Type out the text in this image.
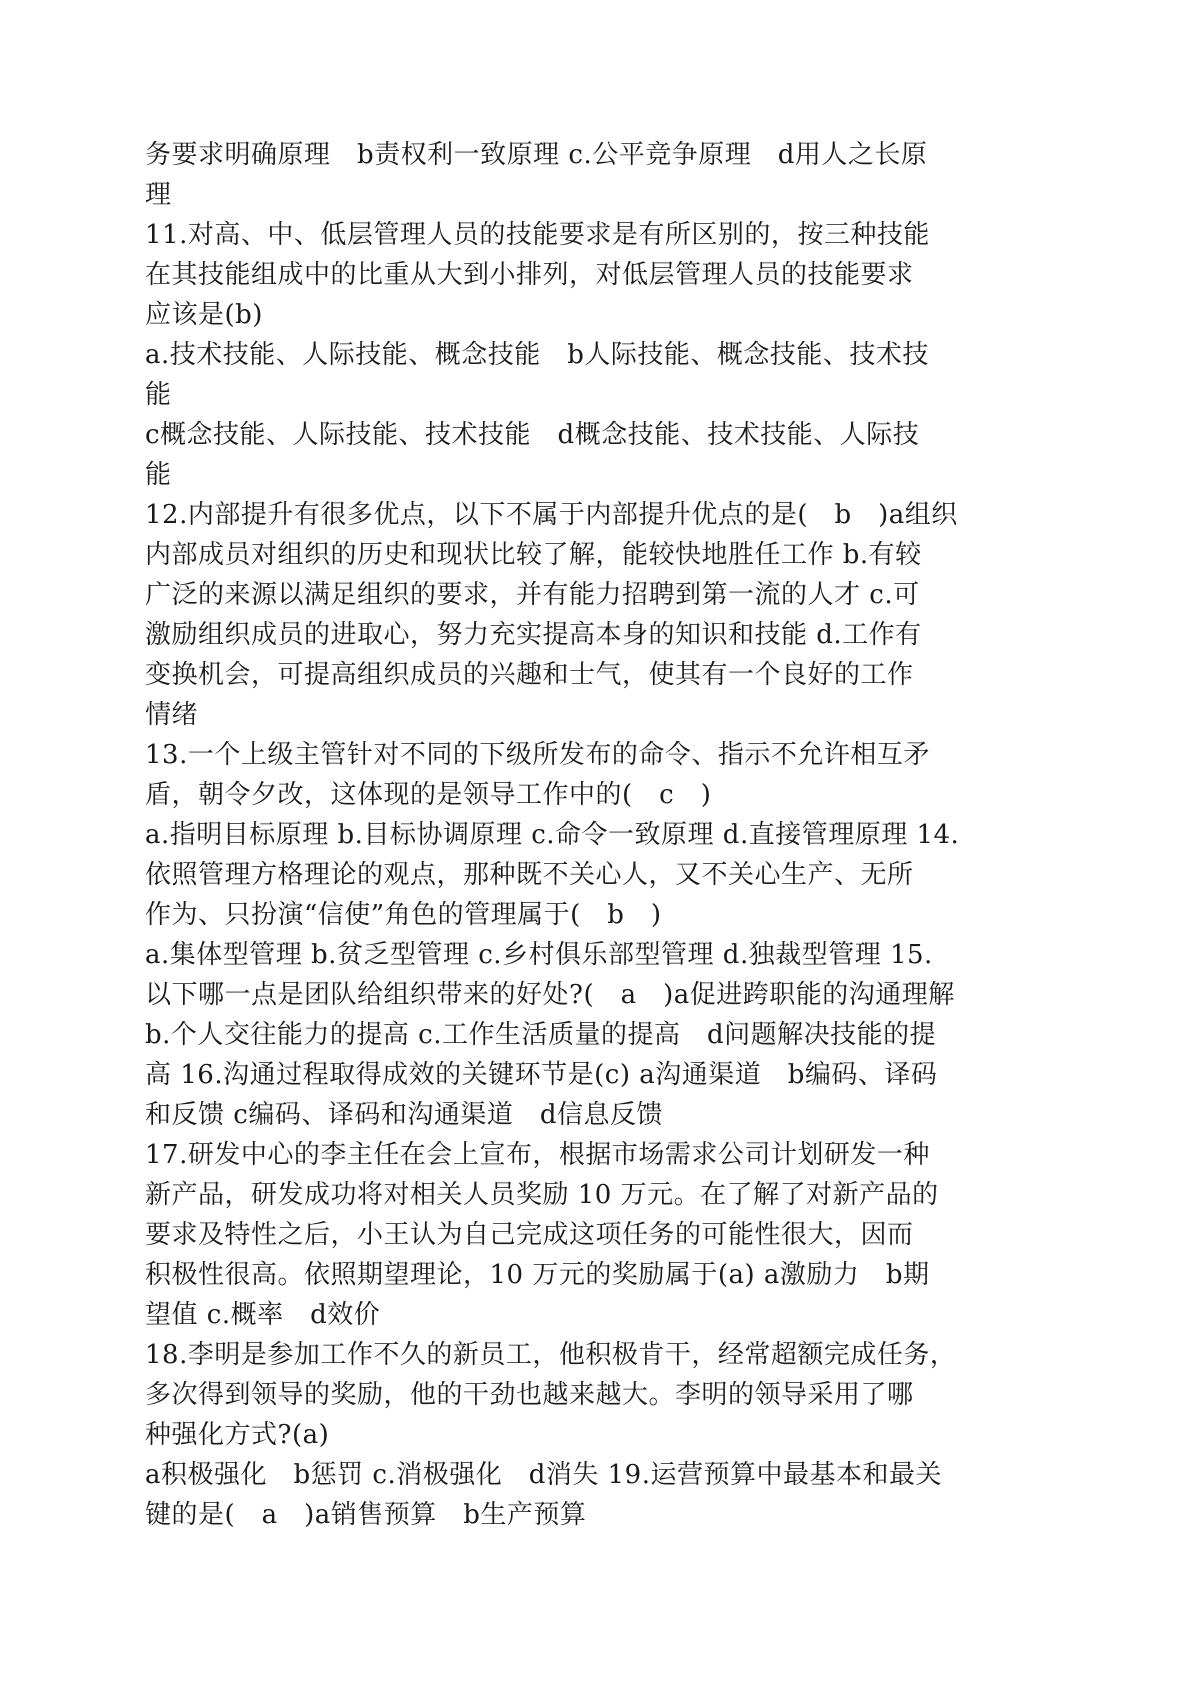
务要求明确原理　b责权利一致原理 c.公平竞争原理　d用人之长原
理
11.对高、中、低层管理人员的技能要求是有所区别的，按三种技能
在其技能组成中的比重从大到小排列，对低层管理人员的技能要求
应该是(b)
a.技术技能、人际技能、概念技能　b人际技能、概念技能、技术技
能
c概念技能、人际技能、技术技能　d概念技能、技术技能、人际技
能
12.内部提升有很多优点，以下不属于内部提升优点的是(　b　)a组织
内部成员对组织的历史和现状比较了解，能较快地胜任工作 b.有较
广泛的来源以满足组织的要求，并有能力招聘到第一流的人才 c.可
激励组织成员的进取心，努力充实提高本身的知识和技能 d.工作有
变换机会，可提高组织成员的兴趣和士气，使其有一个良好的工作
情绪
13.一个上级主管针对不同的下级所发布的命令、指示不允许相互矛
盾，朝令夕改，这体现的是领导工作中的(　c　)
a.指明目标原理 b.目标协调原理 c.命令一致原理 d.直接管理原理 14.
依照管理方格理论的观点，那种既不关心人，又不关心生产、无所
作为、只扮演“信使”角色的管理属于(　b　)
a.集体型管理 b.贫乏型管理 c.乡村俱乐部型管理 d.独裁型管理 15.
以下哪一点是团队给组织带来的好处?(　a　)a促进跨职能的沟通理解
b.个人交往能力的提高 c.工作生活质量的提高　d问题解决技能的提
高 16.沟通过程取得成效的关键环节是(c) a沟通渠道　b编码、译码
和反馈 c编码、译码和沟通渠道　d信息反馈
17.研发中心的李主任在会上宣布，根据市场需求公司计划研发一种
新产品，研发成功将对相关人员奖励 10 万元。在了解了对新产品的
要求及特性之后，小王认为自己完成这项任务的可能性很大，因而
积极性很高。依照期望理论，10 万元的奖励属于(a) a激励力　b期
望值 c.概率　d效价
18.李明是参加工作不久的新员工，他积极肯干，经常超额完成任务，
多次得到领导的奖励，他的干劲也越来越大。李明的领导采用了哪
种强化方式?(a)
a积极强化　b惩罚 c.消极强化　d消失 19.运营预算中最基本和最关
键的是(　a　)a销售预算　b生产预算
